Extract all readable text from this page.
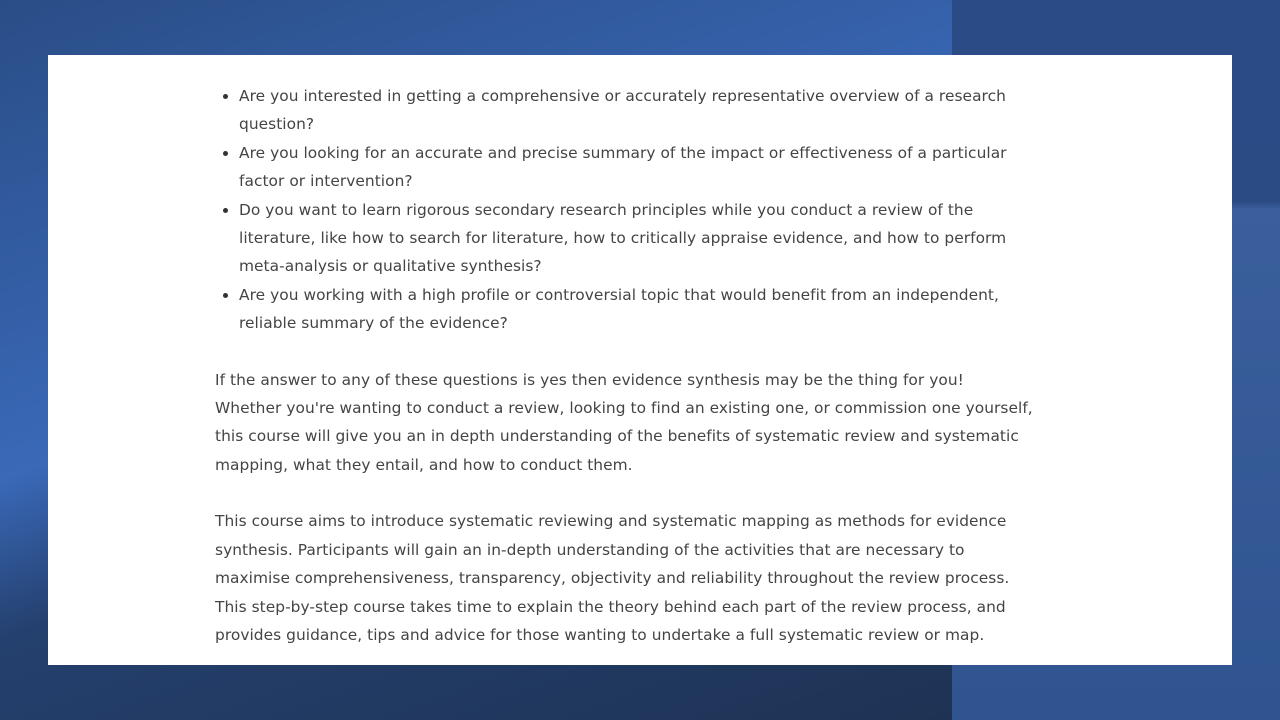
Are you interested in getting a comprehensive or accurately representative overview of a research question?
Are you looking for an accurate and precise summary of the impact or effectiveness of a particular factor or intervention?
Do you want to learn rigorous secondary research principles while you conduct a review of the literature, like how to search for literature, how to critically appraise evidence, and how to perform meta-analysis or qualitative synthesis?
Are you working with a high profile or controversial topic that would benefit from an independent, reliable summary of the evidence?

If the answer to any of these questions is yes then evidence synthesis may be the thing for you! Whether you're wanting to conduct a review, looking to find an existing one, or commission one yourself, this course will give you an in depth understanding of the benefits of systematic review and systematic mapping, what they entail, and how to conduct them.

This course aims to introduce systematic reviewing and systematic mapping as methods for evidence synthesis. Participants will gain an in-depth understanding of the activities that are necessary to maximise comprehensiveness, transparency, objectivity and reliability throughout the review process. This step-by-step course takes time to explain the theory behind each part of the review process, and provides guidance, tips and advice for those wanting to undertake a full systematic review or map.
